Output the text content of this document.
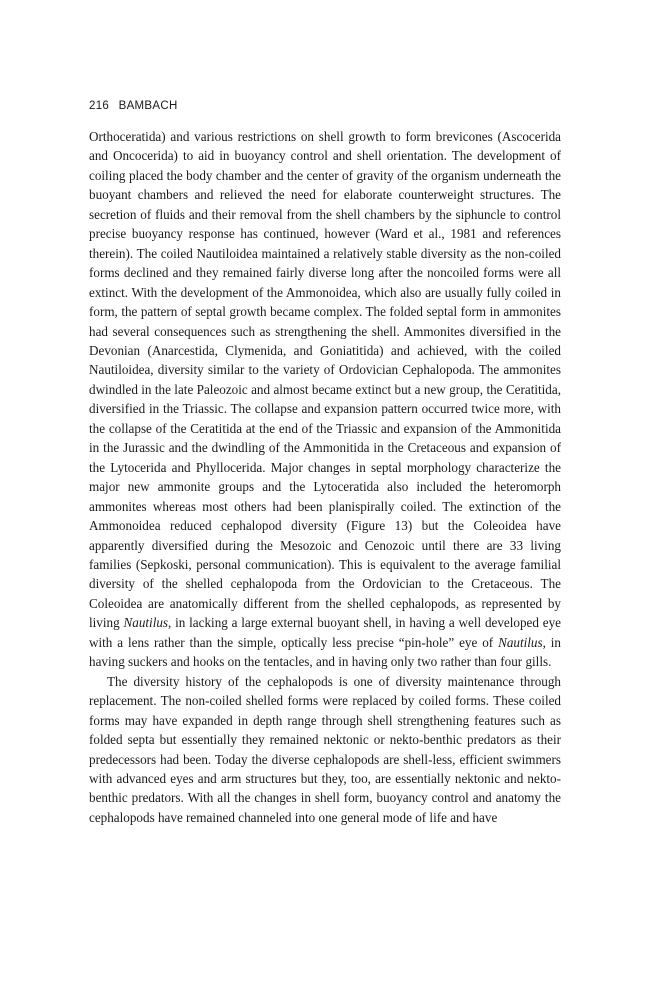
216 BAMBACH

Orthoceratida) and various restrictions on shell growth to form brevicones (Ascocerida and Oncocerida) to aid in buoyancy control and shell orientation. The development of coiling placed the body chamber and the center of gravity of the organism underneath the buoyant chambers and relieved the need for elaborate counterweight structures. The secretion of fluids and their removal from the shell chambers by the siphuncle to control precise buoyancy response has continued, however (Ward et al., 1981 and references therein). The coiled Nautiloidea maintained a relatively stable diversity as the non-coiled forms declined and they remained fairly diverse long after the noncoiled forms were all extinct. With the development of the Ammonoidea, which also are usually fully coiled in form, the pattern of septal growth became complex. The folded septal form in ammonites had several consequences such as strengthening the shell. Ammonites diversified in the Devonian (Anarcestida, Clymenida, and Goniatitida) and achieved, with the coiled Nautiloidea, diversity similar to the variety of Ordovician Cephalopoda. The ammonites dwindled in the late Paleozoic and almost became extinct but a new group, the Ceratitida, diversified in the Triassic. The collapse and expansion pattern occurred twice more, with the collapse of the Ceratitida at the end of the Triassic and expansion of the Ammonitida in the Jurassic and the dwindling of the Ammonitida in the Cretaceous and expansion of the Lytocerida and Phyllocerida. Major changes in septal morphology characterize the major new ammonite groups and the Lytoceratida also included the heteromorph ammonites whereas most others had been planispirally coiled. The extinction of the Ammonoidea reduced cephalopod diversity (Figure 13) but the Coleoidea have apparently diversified during the Mesozoic and Cenozoic until there are 33 living families (Sepkoski, personal communication). This is equivalent to the average familial diversity of the shelled cephalopoda from the Ordovician to the Cretaceous. The Coleoidea are anatomically different from the shelled cephalopods, as represented by living Nautilus, in lacking a large external buoyant shell, in having a well developed eye with a lens rather than the simple, optically less precise “pin-hole” eye of Nautilus, in having suckers and hooks on the tentacles, and in having only two rather than four gills.

The diversity history of the cephalopods is one of diversity maintenance through replacement. The non-coiled shelled forms were replaced by coiled forms. These coiled forms may have expanded in depth range through shell strengthening features such as folded septa but essentially they remained nektonic or nekto-benthic predators as their predecessors had been. Today the diverse cephalopods are shell-less, efficient swimmers with advanced eyes and arm structures but they, too, are essentially nektonic and nekto-benthic predators. With all the changes in shell form, buoyancy control and anatomy the cephalopods have remained channeled into one general mode of life and have
